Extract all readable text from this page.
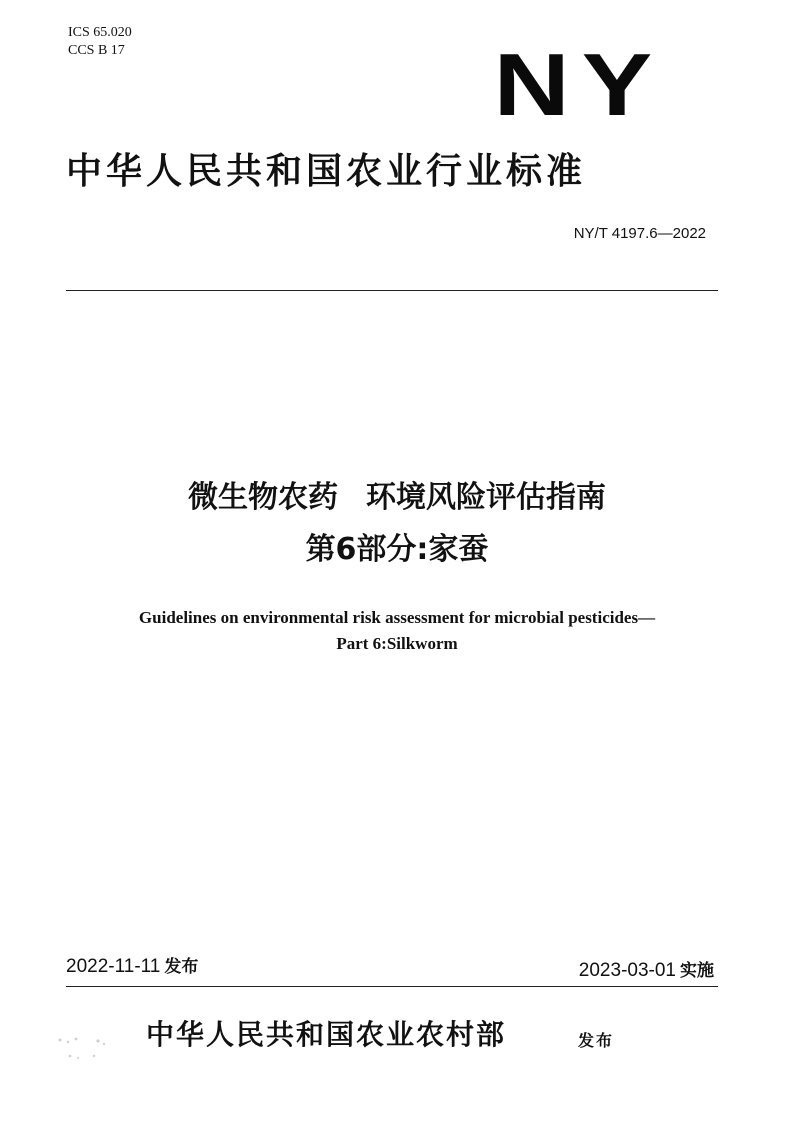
ICS 65.020
CCS B 17	NY
中华人民共和国农业行业标准
NY/T 4197.6—2022
微生物农药 环境风险评估指南
第6部分:家蚕
Guidelines on environmental risk assessment for microbial pesticides—
Part 6:Silkworm
2022-11-11 发布	2023-03-01 实施
中华人民共和国农业农村部	发布
